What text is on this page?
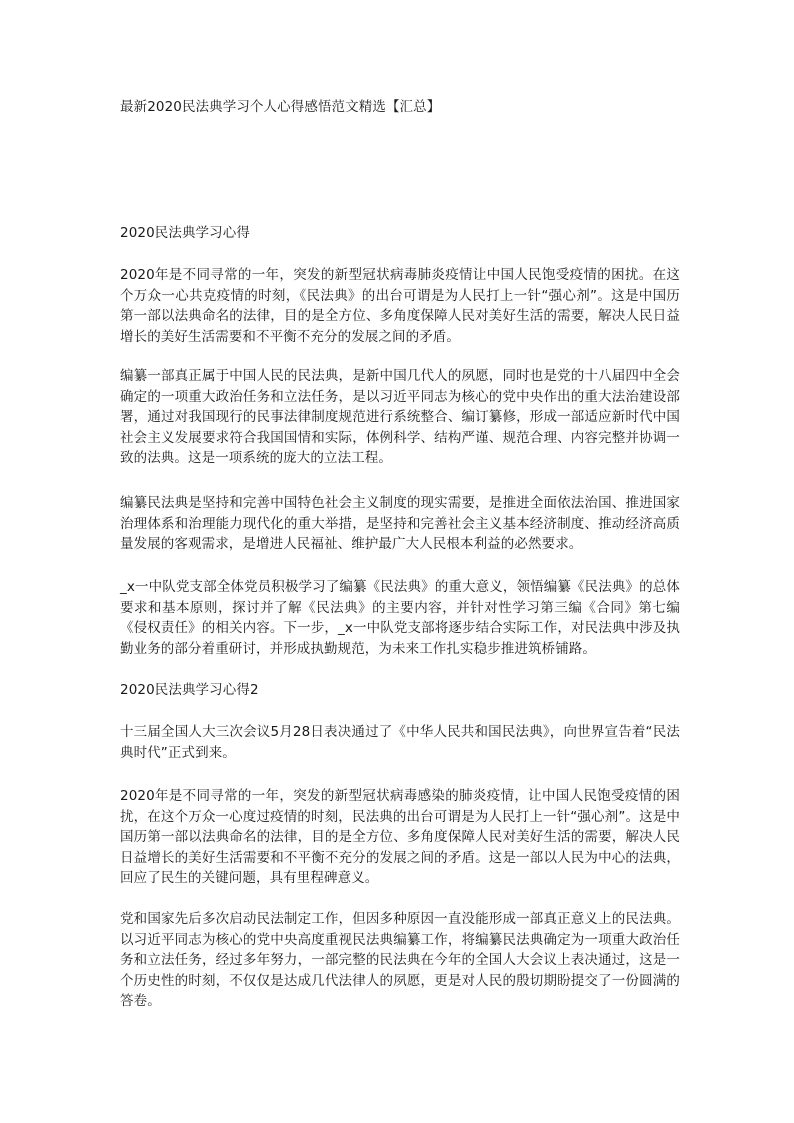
最新2020民法典学习个人心得感悟范文精选【汇总】

2020民法典学习心得

2020年是不同寻常的一年，突发的新型冠状病毒肺炎疫情让中国人民饱受疫情的困扰。在这个万众一心共克疫情的时刻，《民法典》的出台可谓是为人民打上一针“强心剂”。这是中国历第一部以法典命名的法律，目的是全方位、多角度保障人民对美好生活的需要，解决人民日益增长的美好生活需要和不平衡不充分的发展之间的矛盾。

编纂一部真正属于中国人民的民法典，是新中国几代人的夙愿，同时也是党的十八届四中全会确定的一项重大政治任务和立法任务，是以习近平同志为核心的党中央作出的重大法治建设部署，通过对我国现行的民事法律制度规范进行系统整合、编订纂修，形成一部适应新时代中国社会主义发展要求符合我国国情和实际，体例科学、结构严谨、规范合理、内容完整并协调一致的法典。这是一项系统的庞大的立法工程。

编纂民法典是坚持和完善中国特色社会主义制度的现实需要，是推进全面依法治国、推进国家治理体系和治理能力现代化的重大举措，是坚持和完善社会主义基本经济制度、推动经济高质量发展的客观需求，是增进人民福祉、维护最广大人民根本利益的必然要求。

_x一中队党支部全体党员积极学习了编纂《民法典》的重大意义，领悟编纂《民法典》的总体要求和基本原则，探讨并了解《民法典》的主要内容，并针对性学习第三编《合同》第七编《侵权责任》的相关内容。下一步，_x一中队党支部将逐步结合实际工作，对民法典中涉及执勤业务的部分着重研讨，并形成执勤规范，为未来工作扎实稳步推进筑桥铺路。

2020民法典学习心得2

十三届全国人大三次会议5月28日表决通过了《中华人民共和国民法典》，向世界宣告着“民法典时代”正式到来。

2020年是不同寻常的一年，突发的新型冠状病毒感染的肺炎疫情，让中国人民饱受疫情的困扰，在这个万众一心度过疫情的时刻，民法典的出台可谓是为人民打上一针“强心剂”。这是中国历第一部以法典命名的法律，目的是全方位、多角度保障人民对美好生活的需要，解决人民日益增长的美好生活需要和不平衡不充分的发展之间的矛盾。这是一部以人民为中心的法典，回应了民生的关键问题，具有里程碑意义。

党和国家先后多次启动民法制定工作，但因多种原因一直没能形成一部真正意义上的民法典。以习近平同志为核心的党中央高度重视民法典编纂工作，将编纂民法典确定为一项重大政治任务和立法任务，经过多年努力，一部完整的民法典在今年的全国人大会议上表决通过，这是一个历史性的时刻，不仅仅是达成几代法律人的夙愿，更是对人民的殷切期盼提交了一份圆满的答卷。
